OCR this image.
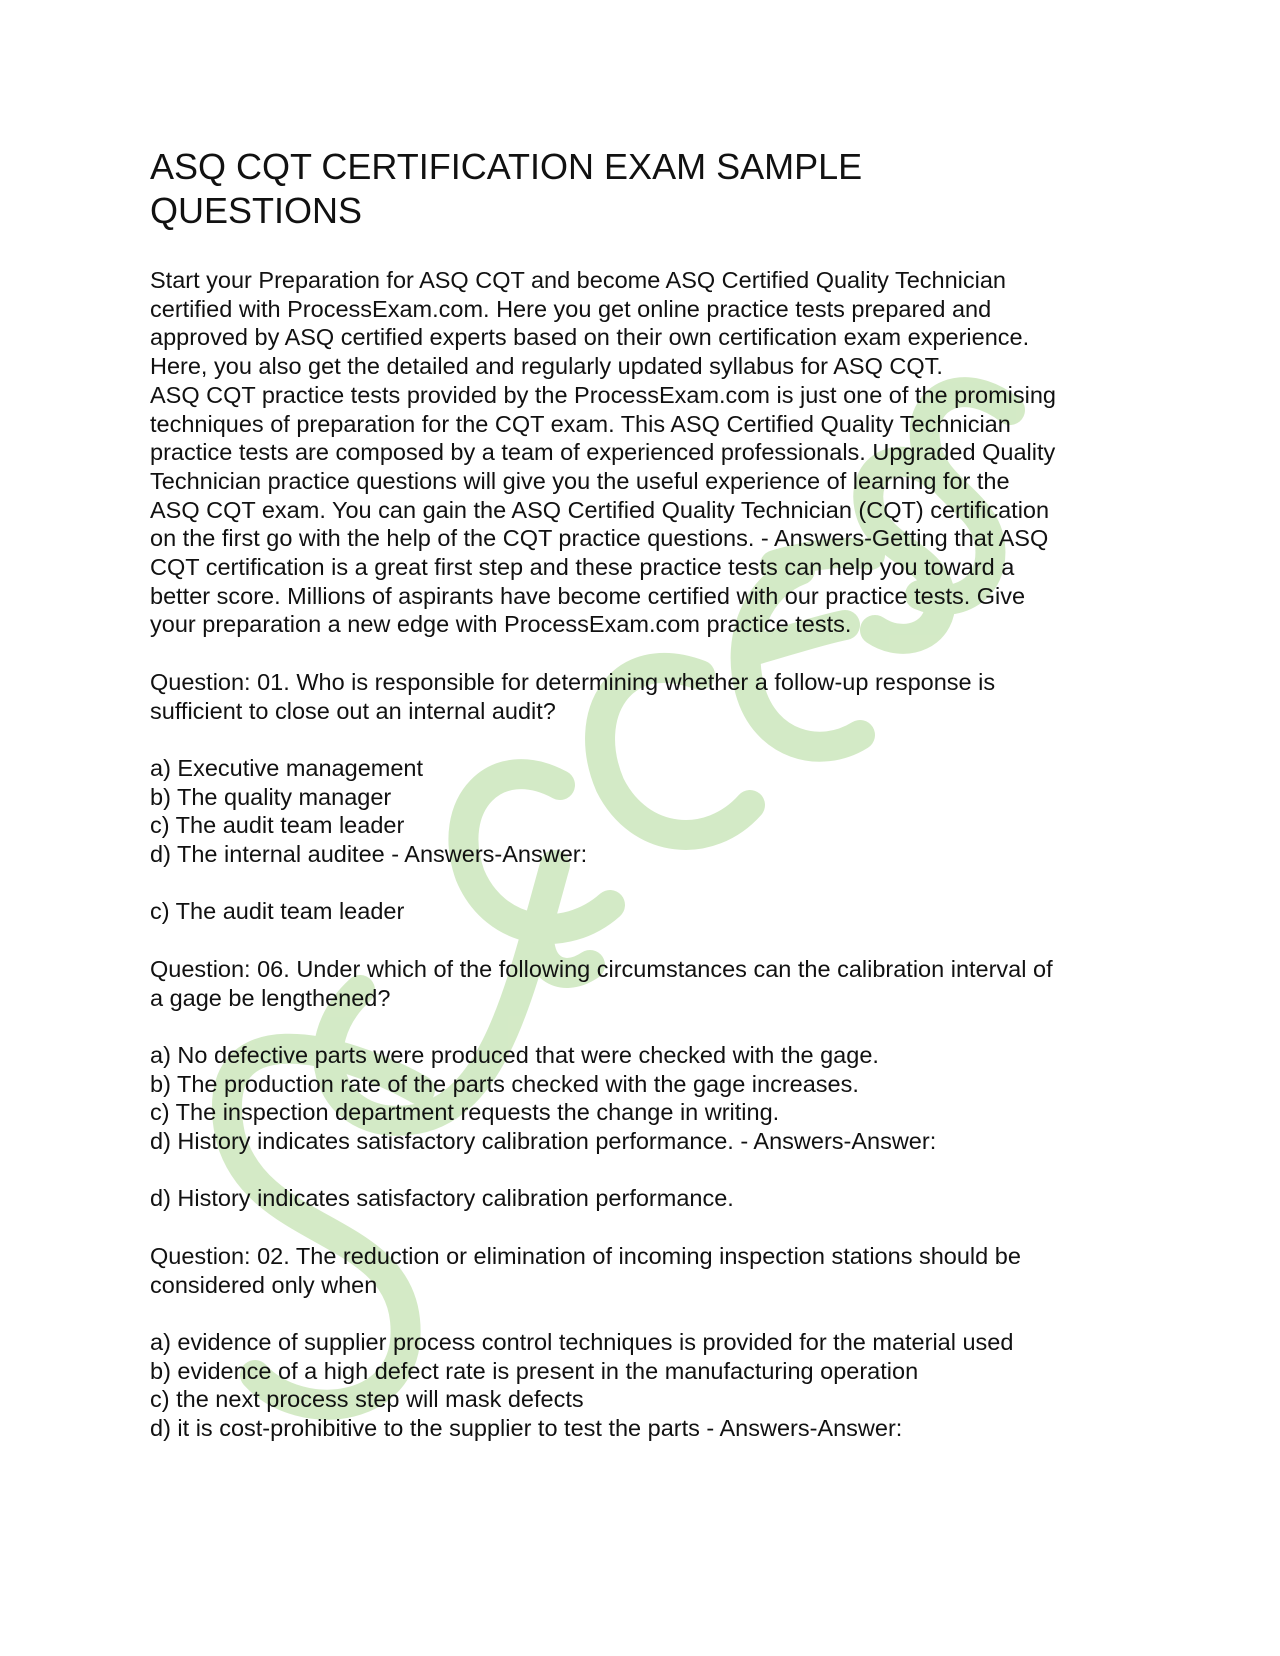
ASQ CQT CERTIFICATION EXAM SAMPLE
QUESTIONS
Start your Preparation for ASQ CQT and become ASQ Certified Quality Technician
certified with ProcessExam.com. Here you get online practice tests prepared and
approved by ASQ certified experts based on their own certification exam experience.
Here, you also get the detailed and regularly updated syllabus for ASQ CQT.
ASQ CQT practice tests provided by the ProcessExam.com is just one of the promising
techniques of preparation for the CQT exam. This ASQ Certified Quality Technician
practice tests are composed by a team of experienced professionals. Upgraded Quality
Technician practice questions will give you the useful experience of learning for the
ASQ CQT exam. You can gain the ASQ Certified Quality Technician (CQT) certification
on the first go with the help of the CQT practice questions. - Answers-Getting that ASQ
CQT certification is a great first step and these practice tests can help you toward a
better score. Millions of aspirants have become certified with our practice tests. Give
your preparation a new edge with ProcessExam.com practice tests.
Question: 01. Who is responsible for determining whether a follow-up response is
sufficient to close out an internal audit?
a) Executive management
b) The quality manager
c) The audit team leader
d) The internal auditee - Answers-Answer:
c) The audit team leader
Question: 06. Under which of the following circumstances can the calibration interval of
a gage be lengthened?
a) No defective parts were produced that were checked with the gage.
b) The production rate of the parts checked with the gage increases.
c) The inspection department requests the change in writing.
d) History indicates satisfactory calibration performance. - Answers-Answer:
d) History indicates satisfactory calibration performance.
Question: 02. The reduction or elimination of incoming inspection stations should be
considered only when
a) evidence of supplier process control techniques is provided for the material used
b) evidence of a high defect rate is present in the manufacturing operation
c) the next process step will mask defects
d) it is cost-prohibitive to the supplier to test the parts - Answers-Answer:
